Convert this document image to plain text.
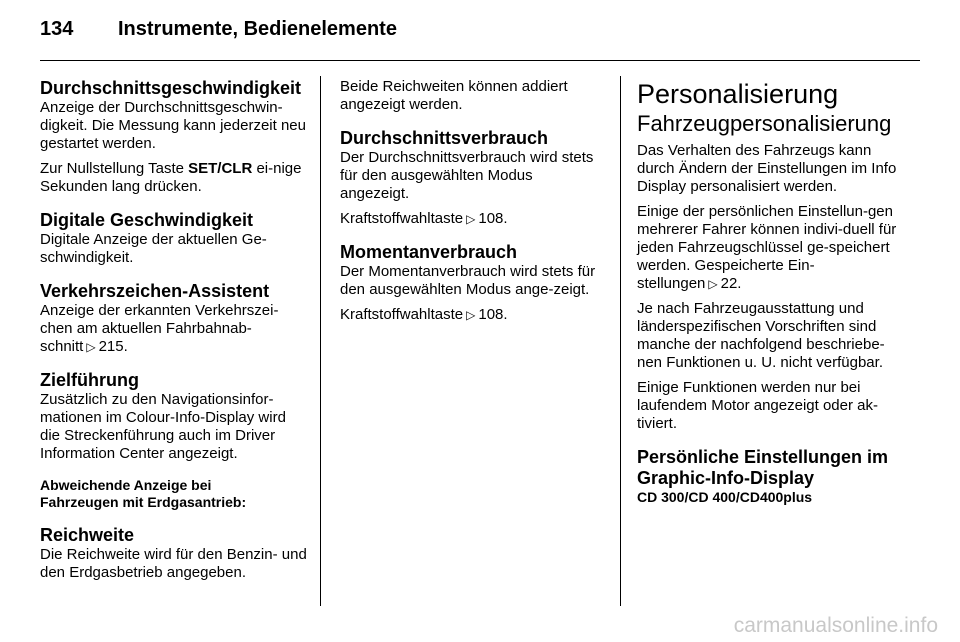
134	Instrumente, Bedienelemente
Durchschnittsgeschwindigkeit

Anzeige der Durchschnittsgeschwin-digkeit. Die Messung kann jederzeit neu gestartet werden.

Zur Nullstellung Taste SET/CLR ei-nige Sekunden lang drücken.

Digitale Geschwindigkeit

Digitale Anzeige der aktuellen Ge-schwindigkeit.

Verkehrszeichen-Assistent

Anzeige der erkannten Verkehrszei-chen am aktuellen Fahrbahnab-schnitt ▷ 215.

Zielführung

Zusätzlich zu den Navigationsinfor-mationen im Colour-Info-Display wird die Streckenführung auch im Driver Information Center angezeigt.

Abweichende Anzeige bei
Fahrzeugen mit Erdgasantrieb:
Reichweite

Die Reichweite wird für den Benzin- und den Erdgasbetrieb angegeben.

Beide Reichweiten können addiert angezeigt werden.

Durchschnittsverbrauch

Der Durchschnittsverbrauch wird stets für den ausgewählten Modus angezeigt.

Kraftstoffwahltaste ▷ 108.

Momentanverbrauch

Der Momentanverbrauch wird stets für den ausgewählten Modus ange-zeigt.

Kraftstoffwahltaste ▷ 108.

Personalisierung
Fahrzeugpersonalisierung

Das Verhalten des Fahrzeugs kann durch Ändern der Einstellungen im Info Display personalisiert werden.

Einige der persönlichen Einstellun-gen mehrerer Fahrer können indivi-duell für jeden Fahrzeugschlüssel ge-speichert werden. Gespeicherte Ein-stellungen ▷ 22.

Je nach Fahrzeugausstattung und länderspezifischen Vorschriften sind manche der nachfolgend beschriebe-nen Funktionen u. U. nicht verfügbar.

Einige Funktionen werden nur bei laufendem Motor angezeigt oder ak-tiviert.

Persönliche Einstellungen im
Graphic-Info-Display
CD 300/CD 400/CD400plus
carmanualsonline.info
